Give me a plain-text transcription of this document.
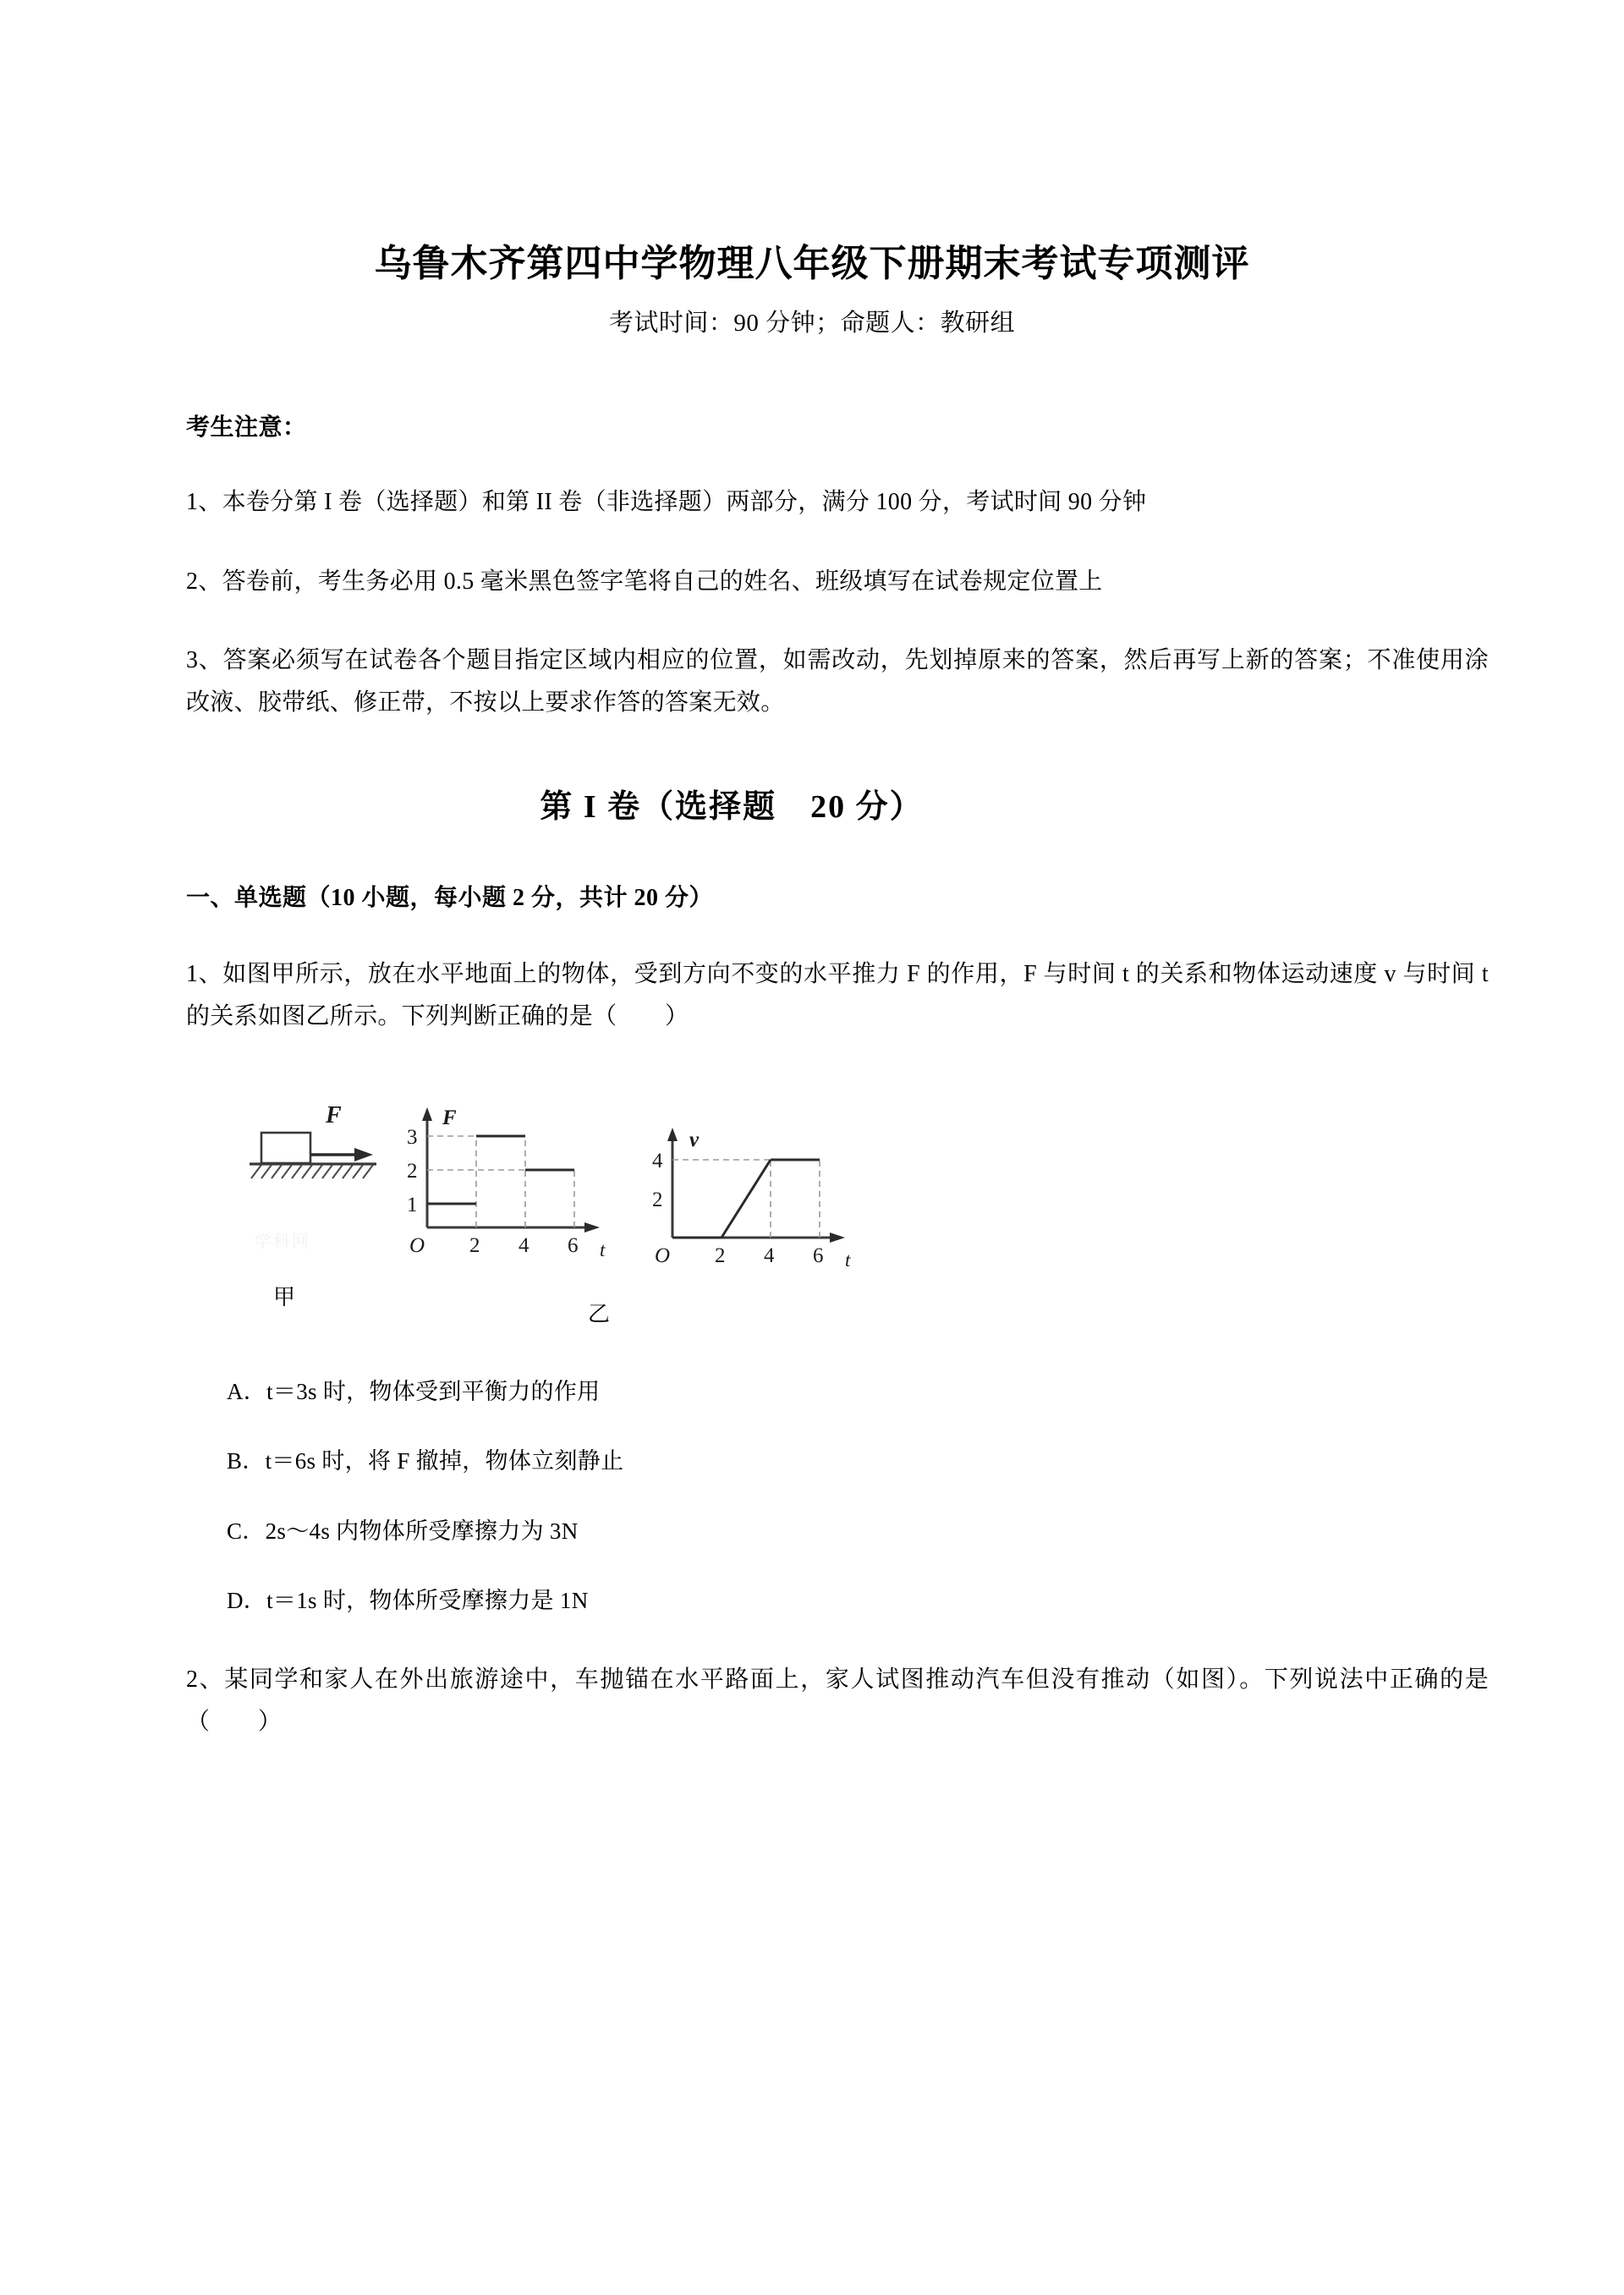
乌鲁木齐第四中学物理八年级下册期末考试专项测评

考试时间：90 分钟；命题人：教研组

考生注意：

1、本卷分第 I 卷（选择题）和第 II 卷（非选择题）两部分，满分 100 分，考试时间 90 分钟

2、答卷前，考生务必用 0.5 毫米黑色签字笔将自己的姓名、班级填写在试卷规定位置上

3、答案必须写在试卷各个题目指定区域内相应的位置，如需改动，先划掉原来的答案，然后再写上新的答案；不准使用涂改液、胶带纸、修正带，不按以上要求作答的答案无效。

第 I 卷（选择题　20 分）
一、单选题（10 小题，每小题 2 分，共计 20 分）

1、如图甲所示，放在水平地面上的物体，受到方向不变的水平推力 F 的作用，F 与时间 t 的关系和物体运动速度 v 与时间 t 的关系如图乙所示。下列判断正确的是（　　）

F
1
2
3
O 2 4 6 t
F
4
2
O 2 4 6 t
v
学科网
甲
乙

A．t＝3s 时，物体受到平衡力的作用

B．t＝6s 时，将 F 撤掉，物体立刻静止

C．2s～4s 内物体所受摩擦力为 3N

D．t＝1s 时，物体所受摩擦力是 1N

2、某同学和家人在外出旅游途中，车抛锚在水平路面上，家人试图推动汽车但没有推动（如图）。下列说法中正确的是（　　）
